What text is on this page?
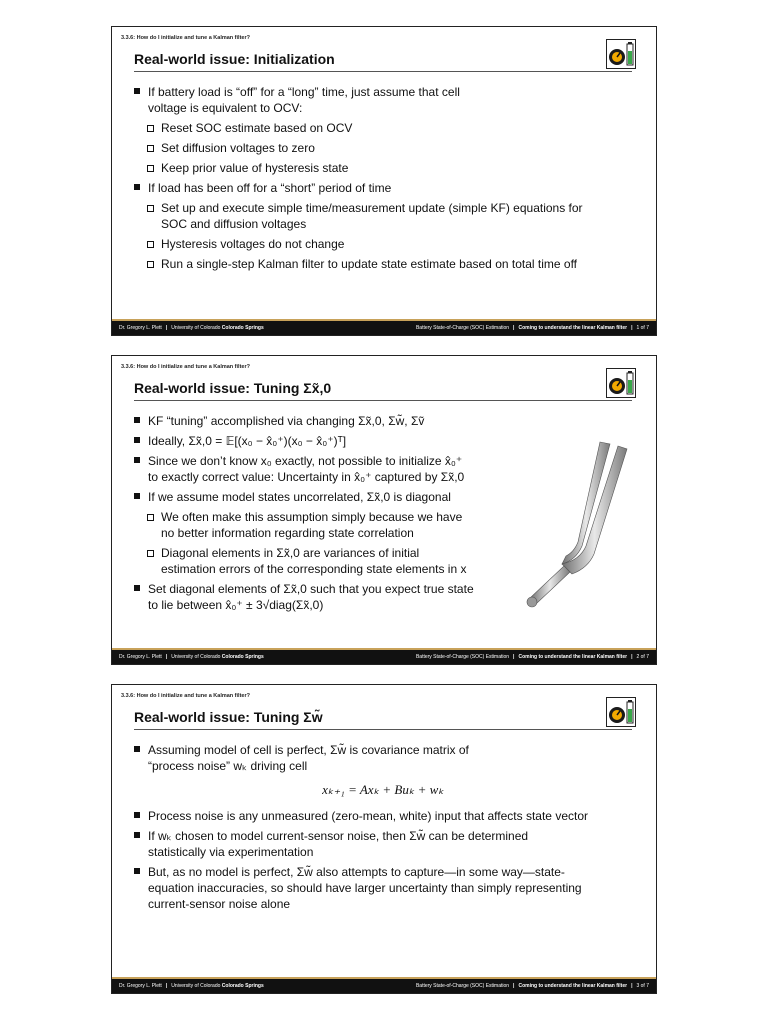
3.3.6: How do I initialize and tune a Kalman filter?
Real-world issue: Initialization
If battery load is “off” for a “long” time, just assume that cell
voltage is equivalent to OCV:
Reset SOC estimate based on OCV
Set diffusion voltages to zero
Keep prior value of hysteresis state
If load has been off for a “short” period of time
Set up and execute simple time/measurement update (simple KF) equations for
SOC and diffusion voltages
Hysteresis voltages do not change
Run a single-step Kalman filter to update state estimate based on total time off
Dr. Gregory L. Plett | University of Colorado Colorado Springs	Battery State-of-Charge (SOC) Estimation | Coming to understand the linear Kalman filter | 1 of 7
3.3.6: How do I initialize and tune a Kalman filter?
Real-world issue: Tuning Σx̃,0
KF “tuning” accomplished via changing Σx̃,0, Σw̃, Σṽ
Ideally, Σx̃,0 = 𝔼[(x₀ − x̂₀⁺)(x₀ − x̂₀⁺)ᵀ]
Since we don’t know x₀ exactly, not possible to initialize x̂₀⁺
to exactly correct value: Uncertainty in x̂₀⁺ captured by Σx̃,0
If we assume model states uncorrelated, Σx̃,0 is diagonal
We often make this assumption simply because we have
no better information regarding state correlation
Diagonal elements in Σx̃,0 are variances of initial
estimation errors of the corresponding state elements in x
Set diagonal elements of Σx̃,0 such that you expect true state
to lie between x̂₀⁺ ± 3√diag(Σx̃,0)
Dr. Gregory L. Plett | University of Colorado Colorado Springs	Battery State-of-Charge (SOC) Estimation | Coming to understand the linear Kalman filter | 2 of 7
3.3.6: How do I initialize and tune a Kalman filter?
Real-world issue: Tuning Σw̃
Assuming model of cell is perfect, Σw̃ is covariance matrix of
“process noise” wₖ driving cell
xₖ₊₁ = Axₖ + Buₖ + wₖ
Process noise is any unmeasured (zero-mean, white) input that affects state vector
If wₖ chosen to model current-sensor noise, then Σw̃ can be determined
statistically via experimentation
But, as no model is perfect, Σw̃ also attempts to capture—in some way—state-
equation inaccuracies, so should have larger uncertainty than simply representing
current-sensor noise alone
Dr. Gregory L. Plett | University of Colorado Colorado Springs	Battery State-of-Charge (SOC) Estimation | Coming to understand the linear Kalman filter | 3 of 7
